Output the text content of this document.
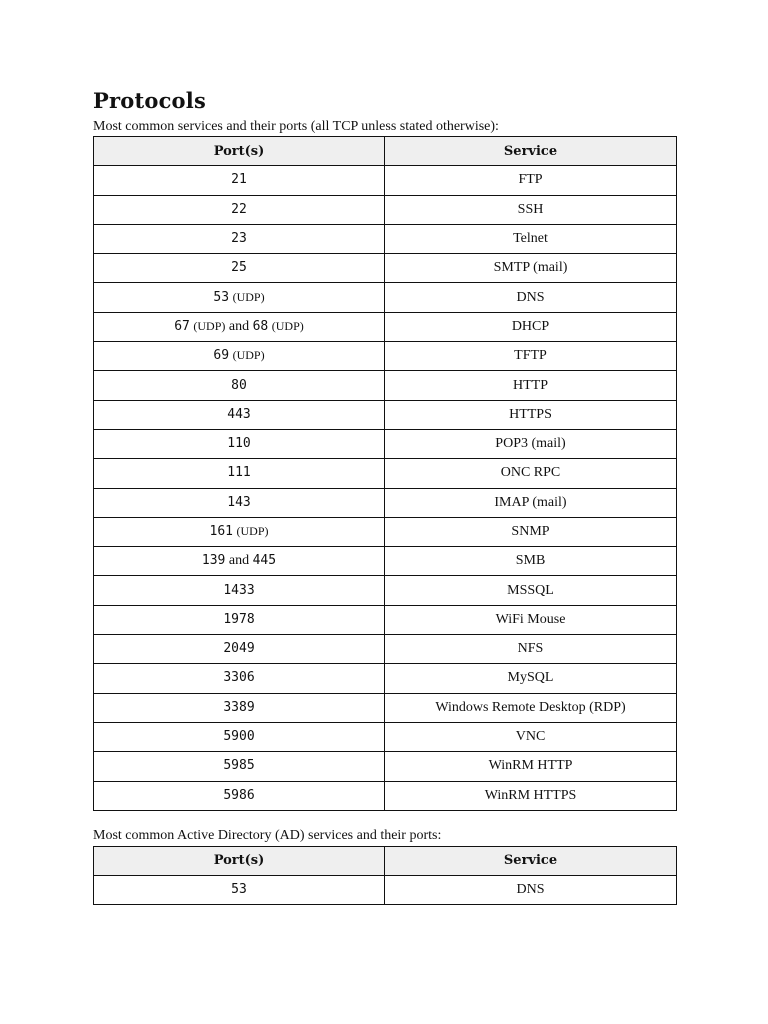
Protocols

Most common services and their ports (all TCP unless stated otherwise):

Port(s)	Service
21	FTP
22	SSH
23	Telnet
25	SMTP (mail)
53 (UDP)	DNS
67 (UDP) and 68 (UDP)	DHCP
69 (UDP)	TFTP
80	HTTP
443	HTTPS
110	POP3 (mail)
111	ONC RPC
143	IMAP (mail)
161 (UDP)	SNMP
139 and 445	SMB
1433	MSSQL
1978	WiFi Mouse
2049	NFS
3306	MySQL
3389	Windows Remote Desktop (RDP)
5900	VNC
5985	WinRM HTTP
5986	WinRM HTTPS

Most common Active Directory (AD) services and their ports:

Port(s)	Service
53	DNS
